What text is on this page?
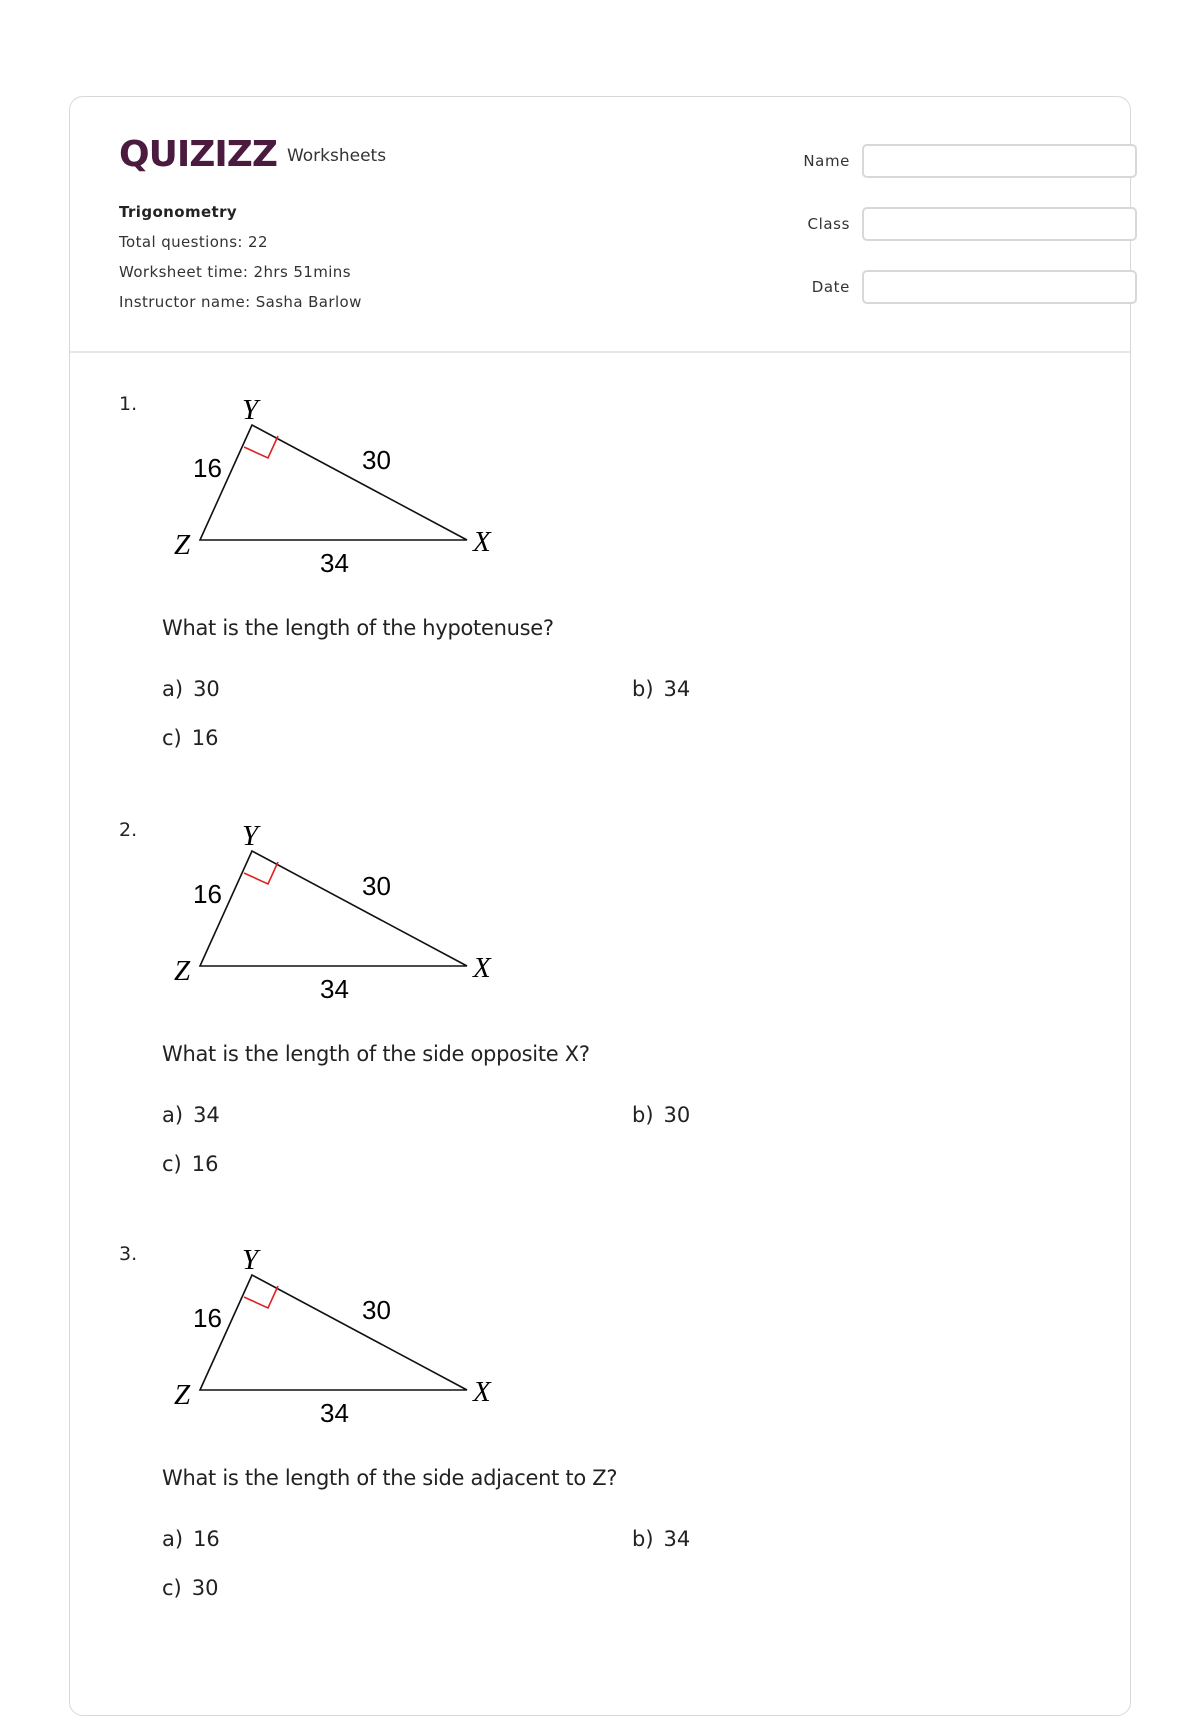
QUIZIZZ Worksheets
Trigonometry
Total questions: 22
Worksheet time: 2hrs 51mins
Instructor name: Sasha Barlow
Name
Class
Date
1.	Y
Z	X
16	30
34
What is the length of the hypotenuse?
a) 30	b) 34
c) 16
2.	Y
Z	X
16	30
34
What is the length of the side opposite X?
a) 34	b) 30
c) 16
3.	Y
Z	X
16	30
34
What is the length of the side adjacent to Z?
a) 16	b) 34
c) 30
